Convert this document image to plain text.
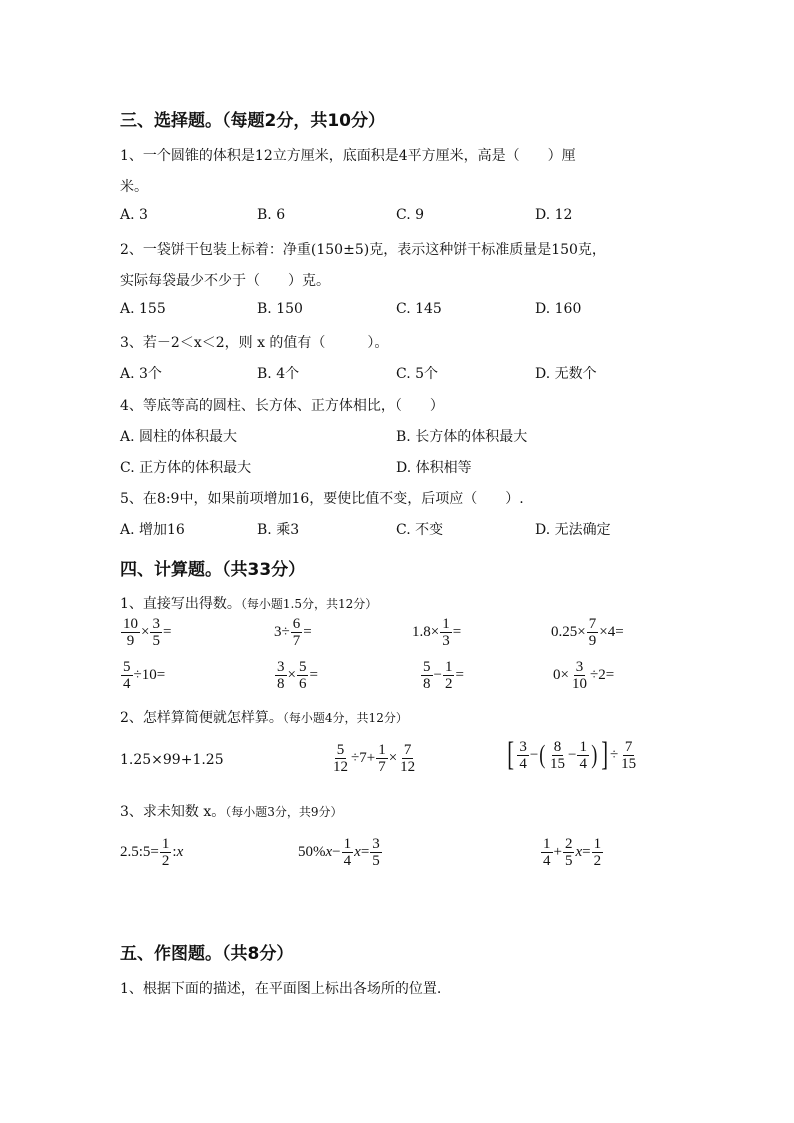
三、选择题。（每题2分，共10分）
1、一个圆锥的体积是12立方厘米，底面积是4平方厘米，高是（　　）厘
米。
A. 3	B. 6	C. 9	D. 12
2、一袋饼干包装上标着：净重(150±5)克，表示这种饼干标准质量是150克，
实际每袋最少不少于（　　）克。
A. 155	B. 150	C. 145	D. 160
3、若－2＜x＜2，则 x 的值有（　　　）。
A. 3个	B. 4个	C. 5个	D. 无数个
4、等底等高的圆柱、长方体、正方体相比，（　　）
A. 圆柱的体积最大	B. 长方体的体积最大
C. 正方体的体积最大	D. 体积相等
5、在8:9中，如果前项增加16，要使比值不变，后项应（　　）.
A. 增加16	B. 乘3	C. 不变	D. 无法确定
四、计算题。（共33分）
1、直接写出得数。（每小题1.5分，共12分）
$\frac{10}{9} \times \frac{3}{5}$ =	$3 \div \frac{6}{7}$ =	$1.8 \times \frac{1}{3}$ =	$0.25 \times \frac{7}{9} \times 4$ =
$\frac{5}{4} \div 10$ =	$\frac{3}{8} \times \frac{5}{6}$ =	$\frac{5}{8} - \frac{1}{2}$ =	$0 \times \frac{3}{10} \div 2$ =
2、怎样算简便就怎样算。（每小题4分，共12分）
1.25×99+1.25	$\frac{5}{12} \div 7 + \frac{1}{7} \times \frac{7}{12}$	[ $\frac{3}{4}$ − ( $\frac{8}{15} - \frac{1}{4}$ ) ] ÷ $\frac{7}{15}$
3、求未知数 x。（每小题3分，共9分）
2.5 : $5 = \frac{1}{2}$ : x	50% $x - \frac{1}{4}$ $x = \frac{3}{5}$	$\frac{1}{4} + \frac{2}{5}$ $x = \frac{1}{2}$
五、作图题。（共8分）
1、根据下面的描述，在平面图上标出各场所的位置.
